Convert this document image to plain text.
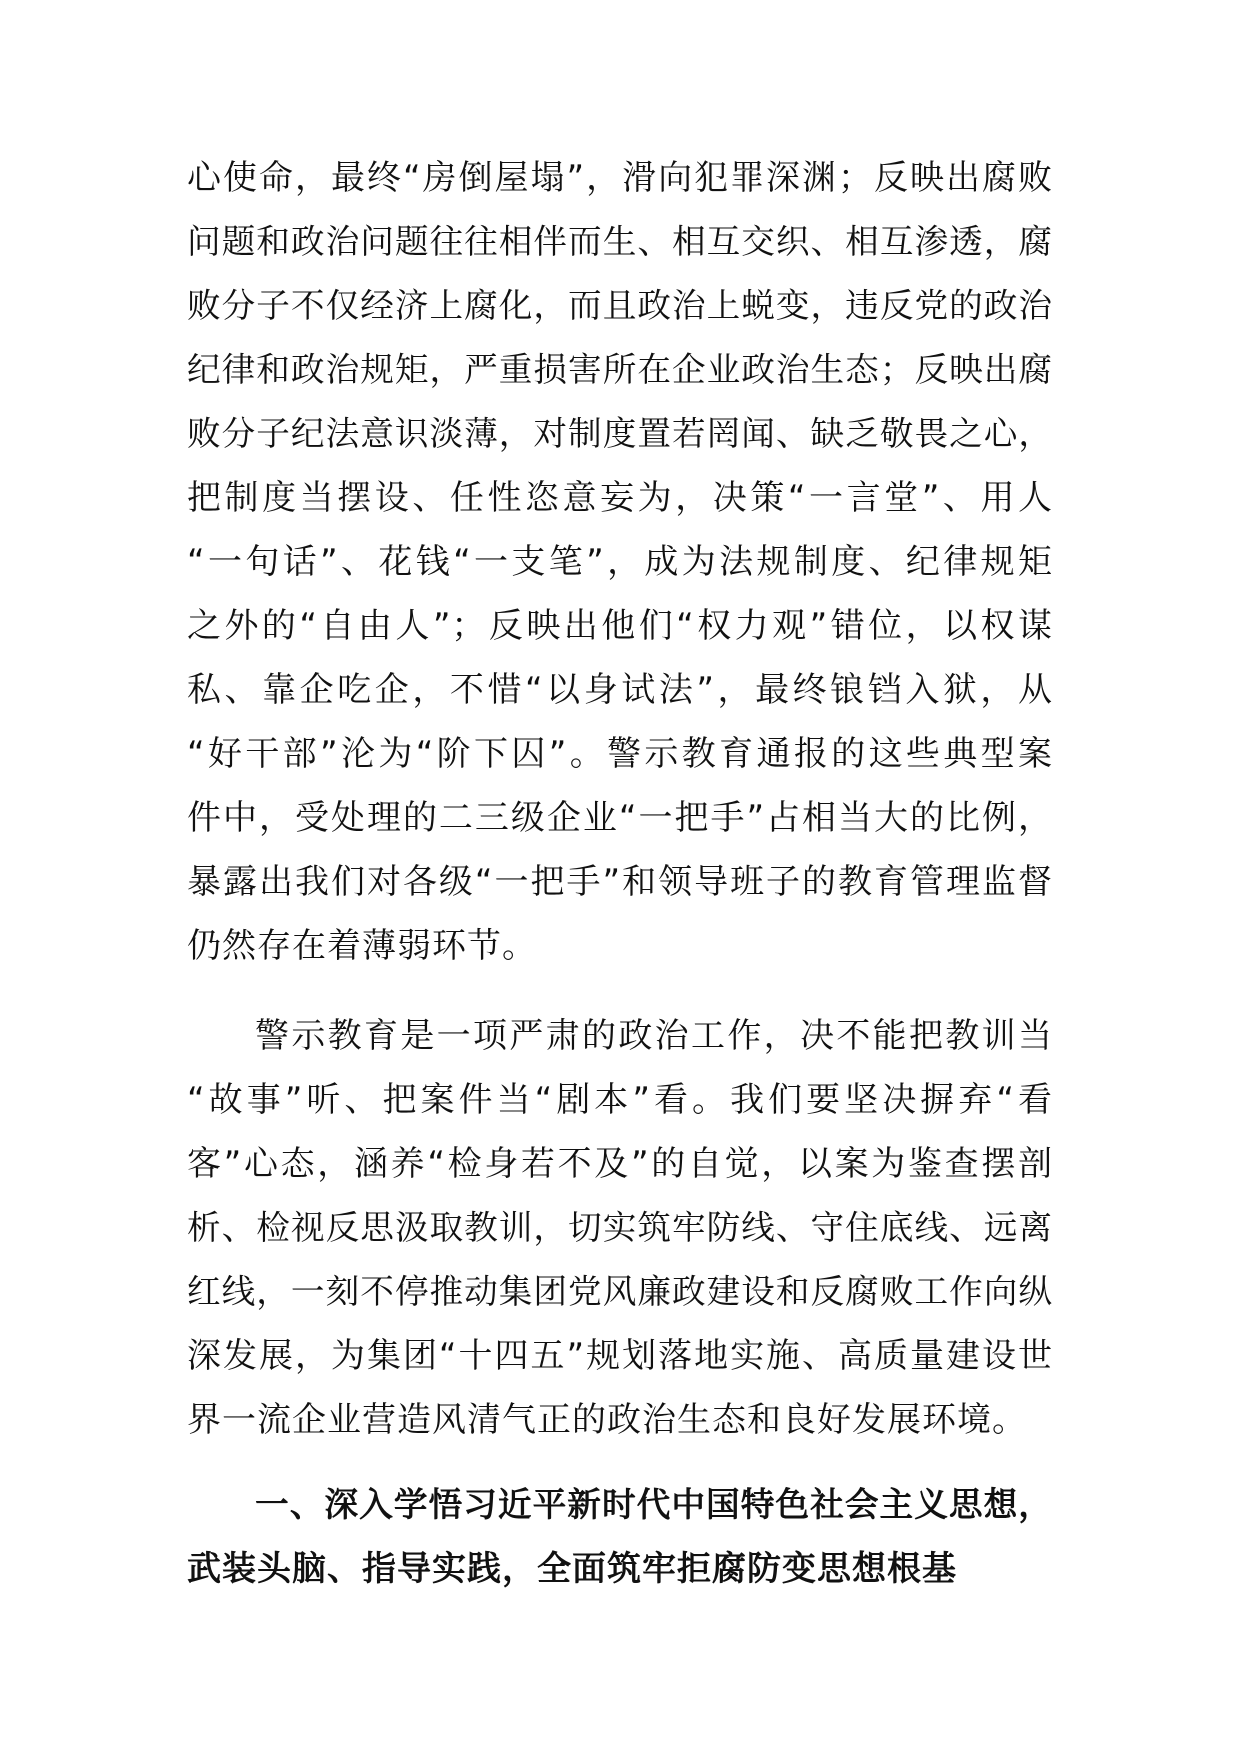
心使命，最终“房倒屋塌”，滑向犯罪深渊；反映出腐败
问题和政治问题往往相伴而生、相互交织、相互渗透，腐
败分子不仅经济上腐化，而且政治上蜕变，违反党的政治
纪律和政治规矩，严重损害所在企业政治生态；反映出腐
败分子纪法意识淡薄，对制度置若罔闻、缺乏敬畏之心，
把制度当摆设、任性恣意妄为，决策“一言堂”、用人
“一句话”、花钱“一支笔”，成为法规制度、纪律规矩
之外的“自由人”；反映出他们“权力观”错位，以权谋
私、靠企吃企，不惜“以身试法”，最终锒铛入狱，从
“好干部”沦为“阶下囚”。警示教育通报的这些典型案
件中，受处理的二三级企业“一把手”占相当大的比例，
暴露出我们对各级“一把手”和领导班子的教育管理监督
仍然存在着薄弱环节。
警示教育是一项严肃的政治工作，决不能把教训当
“故事”听、把案件当“剧本”看。我们要坚决摒弃“看
客”心态，涵养“检身若不及”的自觉，以案为鉴查摆剖
析、检视反思汲取教训，切实筑牢防线、守住底线、远离
红线，一刻不停推动集团党风廉政建设和反腐败工作向纵
深发展，为集团“十四五”规划落地实施、高质量建设世
界一流企业营造风清气正的政治生态和良好发展环境。
一、深入学悟习近平新时代中国特色社会主义思想，
武装头脑、指导实践，全面筑牢拒腐防变思想根基
